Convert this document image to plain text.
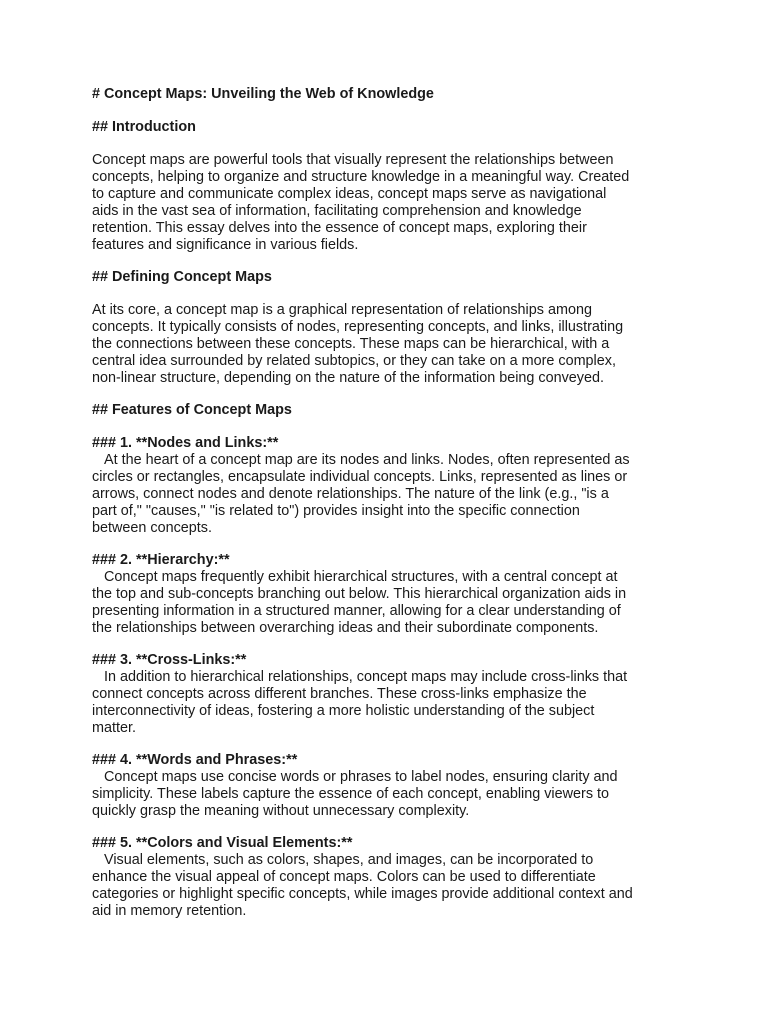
# Concept Maps: Unveiling the Web of Knowledge
## Introduction
Concept maps are powerful tools that visually represent the relationships between
concepts, helping to organize and structure knowledge in a meaningful way. Created
to capture and communicate complex ideas, concept maps serve as navigational
aids in the vast sea of information, facilitating comprehension and knowledge
retention. This essay delves into the essence of concept maps, exploring their
features and significance in various fields.
## Defining Concept Maps
At its core, a concept map is a graphical representation of relationships among
concepts. It typically consists of nodes, representing concepts, and links, illustrating
the connections between these concepts. These maps can be hierarchical, with a
central idea surrounded by related subtopics, or they can take on a more complex,
non-linear structure, depending on the nature of the information being conveyed.
## Features of Concept Maps
### 1. **Nodes and Links:**
At the heart of a concept map are its nodes and links. Nodes, often represented as
circles or rectangles, encapsulate individual concepts. Links, represented as lines or
arrows, connect nodes and denote relationships. The nature of the link (e.g., "is a
part of," "causes," "is related to") provides insight into the specific connection
between concepts.
### 2. **Hierarchy:**
Concept maps frequently exhibit hierarchical structures, with a central concept at
the top and sub-concepts branching out below. This hierarchical organization aids in
presenting information in a structured manner, allowing for a clear understanding of
the relationships between overarching ideas and their subordinate components.
### 3. **Cross-Links:**
In addition to hierarchical relationships, concept maps may include cross-links that
connect concepts across different branches. These cross-links emphasize the
interconnectivity of ideas, fostering a more holistic understanding of the subject
matter.
### 4. **Words and Phrases:**
Concept maps use concise words or phrases to label nodes, ensuring clarity and
simplicity. These labels capture the essence of each concept, enabling viewers to
quickly grasp the meaning without unnecessary complexity.
### 5. **Colors and Visual Elements:**
Visual elements, such as colors, shapes, and images, can be incorporated to
enhance the visual appeal of concept maps. Colors can be used to differentiate
categories or highlight specific concepts, while images provide additional context and
aid in memory retention.
